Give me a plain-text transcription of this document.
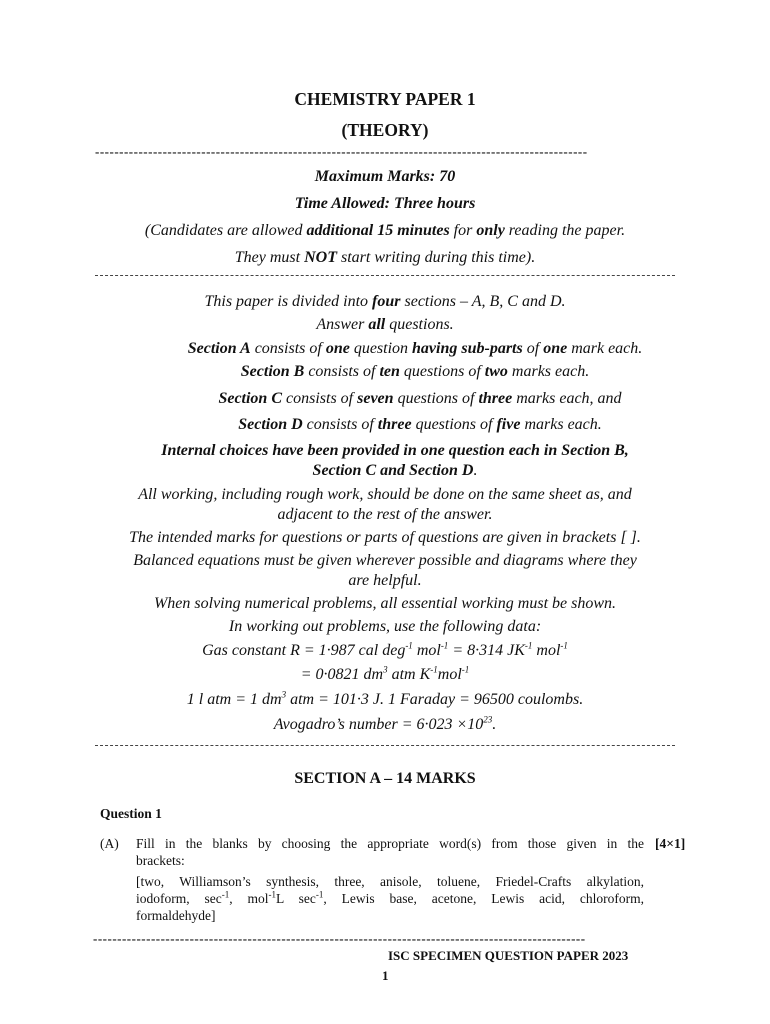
CHEMISTRY PAPER 1
(THEORY)
------------------------------------------------------------------------------------------------------
Maximum Marks: 70
Time Allowed: Three hours
(Candidates are allowed additional 15 minutes for only reading the paper.
They must NOT start writing during this time).
This paper is divided into four sections – A, B, C and D.
Answer all questions.
Section A consists of one question having sub-parts of one mark each.
Section B consists of ten questions of two marks each.
Section C consists of seven questions of three marks each, and
Section D consists of three questions of five marks each.
Internal choices have been provided in one question each in Section B,
Section C and Section D.
All working, including rough work, should be done on the same sheet as, and
adjacent to the rest of the answer.
The intended marks for questions or parts of questions are given in brackets [ ].
Balanced equations must be given wherever possible and diagrams where they
are helpful.
When solving numerical problems, all essential working must be shown.
In working out problems, use the following data:
Gas constant R = 1·987 cal deg$^{-1}$ mol$^{-1}$ = 8·314 $JK^{-1}$ mol$^{-1}$
= 0·0821 $dm^3$ atm $K^{-1}mol^{-1}$
1 l atm = 1 $dm^3$ atm = 101·3 J. 1 Faraday = 96500 coulombs.
Avogadro’s number = $6\cdot 023 \times 10^{23}$.
SECTION A – 14 MARKS
Question 1
(A) Fill in the blanks by choosing the appropriate word(s) from those given in the [4×1]
brackets:
[two, Williamson’s synthesis, three, anisole, toluene, Friedel-Crafts alkylation,
iodoform, $\sec^{-1}$, mol$^{-1}$L $\sec^{-1}$, Lewis base, acetone, Lewis acid, chloroform,
formaldehyde]
------------------------------------------------------------------------------------------------------
ISC SPECIMEN QUESTION PAPER 2023
1
